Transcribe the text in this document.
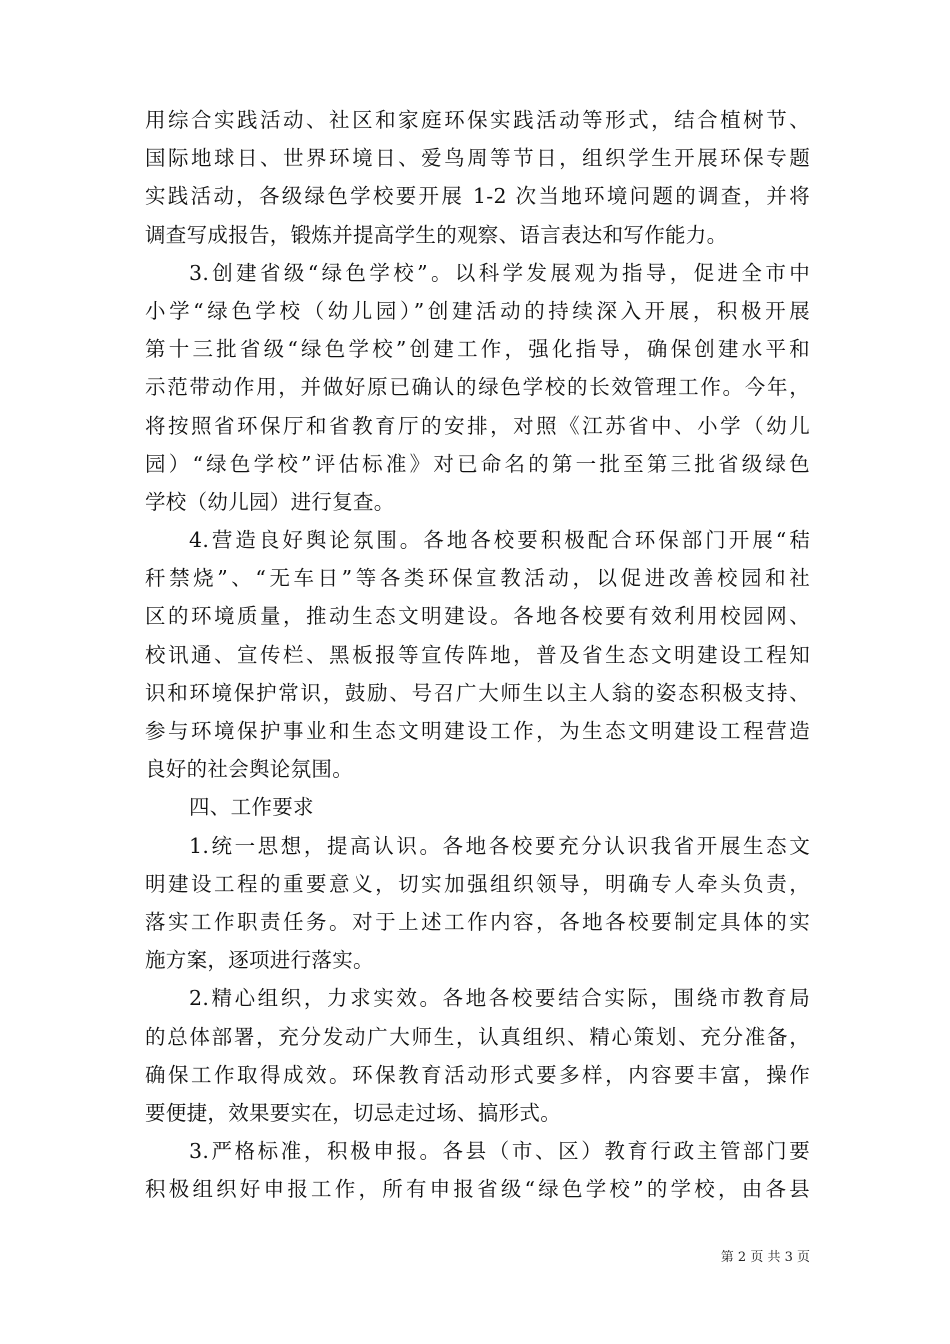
用综合实践活动、社区和家庭环保实践活动等形式，结合植树节、
国际地球日、世界环境日、爱鸟周等节日，组织学生开展环保专题
实践活动，各级绿色学校要开展 1-2 次当地环境问题的调查，并将
调查写成报告，锻炼并提高学生的观察、语言表达和写作能力。
3.创建省级“绿色学校”。以科学发展观为指导，促进全市中
小学“绿色学校（幼儿园）”创建活动的持续深入开展，积极开展
第十三批省级“绿色学校”创建工作，强化指导，确保创建水平和
示范带动作用，并做好原已确认的绿色学校的长效管理工作。今年，
将按照省环保厅和省教育厅的安排，对照《江苏省中、小学（幼儿
园）“绿色学校”评估标准》对已命名的第一批至第三批省级绿色
学校（幼儿园）进行复查。
4.营造良好舆论氛围。各地各校要积极配合环保部门开展“秸
秆禁烧”、“无车日”等各类环保宣教活动，以促进改善校园和社
区的环境质量，推动生态文明建设。各地各校要有效利用校园网、
校讯通、宣传栏、黑板报等宣传阵地，普及省生态文明建设工程知
识和环境保护常识，鼓励、号召广大师生以主人翁的姿态积极支持、
参与环境保护事业和生态文明建设工作，为生态文明建设工程营造
良好的社会舆论氛围。
四、工作要求
1.统一思想，提高认识。各地各校要充分认识我省开展生态文
明建设工程的重要意义，切实加强组织领导，明确专人牵头负责，
落实工作职责任务。对于上述工作内容，各地各校要制定具体的实
施方案，逐项进行落实。
2.精心组织，力求实效。各地各校要结合实际，围绕市教育局
的总体部署，充分发动广大师生，认真组织、精心策划、充分准备，
确保工作取得成效。环保教育活动形式要多样，内容要丰富，操作
要便捷，效果要实在，切忌走过场、搞形式。
3.严格标准，积极申报。各县（市、区）教育行政主管部门要
积极组织好申报工作，所有申报省级“绿色学校”的学校，由各县
第 2 页 共 3 页
